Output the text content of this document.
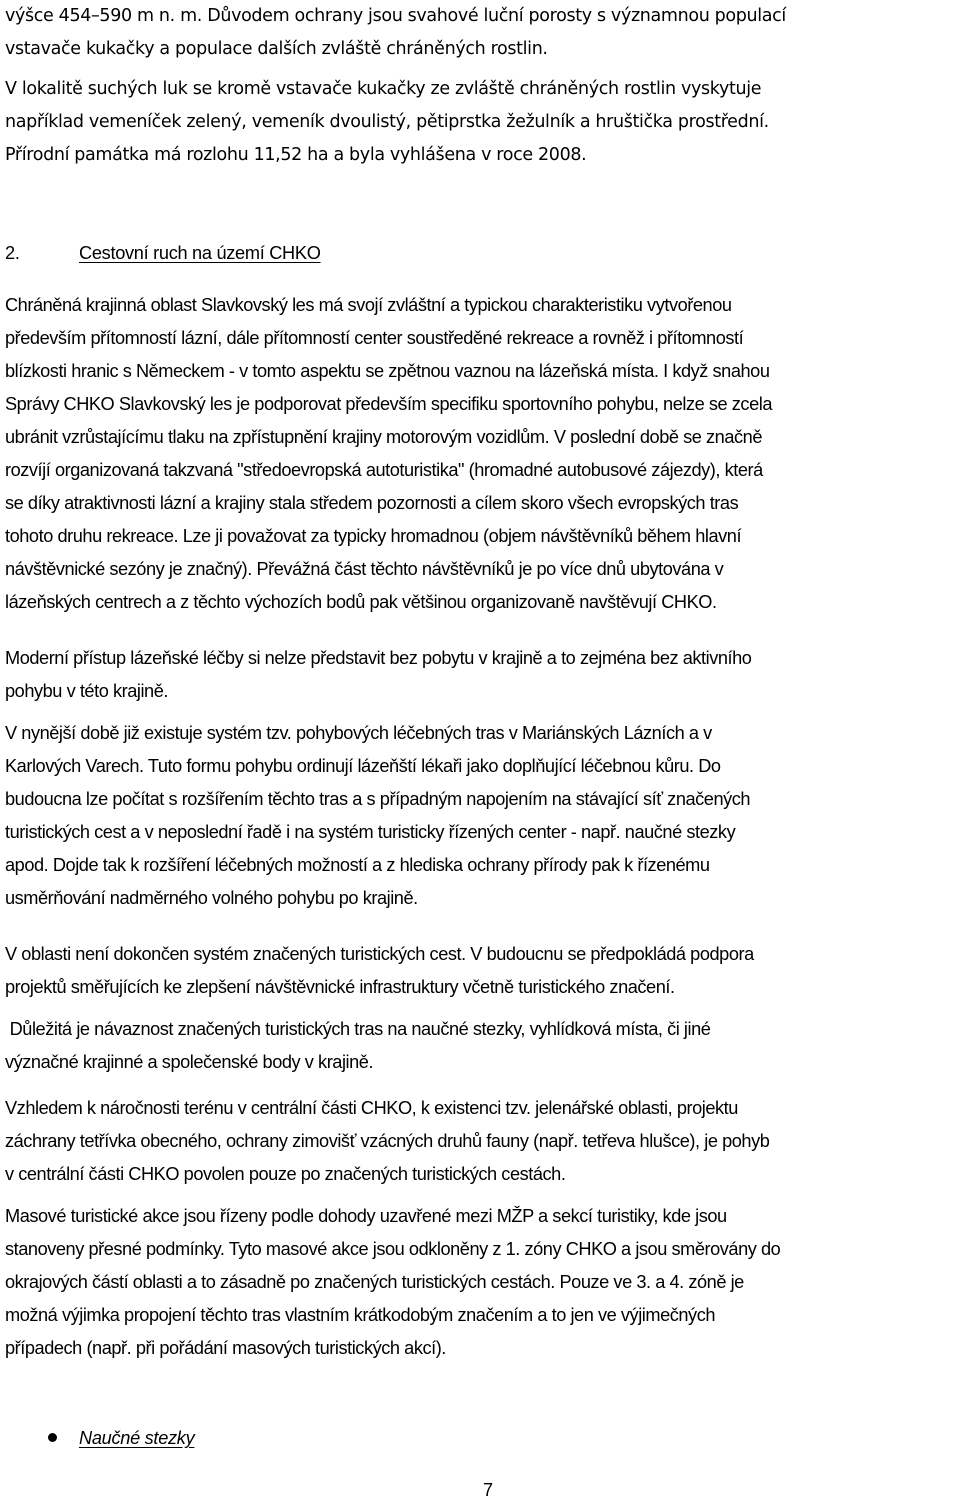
výšce 454–590 m n. m. Důvodem ochrany jsou svahové luční porosty s významnou populací
vstavače kukačky a populace dalších zvláště chráněných rostlin.
V lokalitě suchých luk se kromě vstavače kukačky ze zvláště chráněných rostlin vyskytuje
například vemeníček zelený, vemeník dvoulistý, pětiprstka žežulník a hruštička prostřední.
Přírodní památka má rozlohu 11,52 ha a byla vyhlášena v roce 2008.
2.	Cestovní ruch na území CHKO
Chráněná krajinná oblast Slavkovský les má svojí zvláštní a typickou charakteristiku vytvořenou
především přítomností lázní, dále přítomností center soustředěné rekreace a rovněž i přítomností
blízkosti hranic s Německem - v tomto aspektu se zpětnou vaznou na lázeňská místa. I když snahou
Správy CHKO Slavkovský les je podporovat především specifiku sportovního pohybu, nelze se zcela
ubránit vzrůstajícímu tlaku na zpřístupnění krajiny motorovým vozidlům. V poslední době se značně
rozvíjí organizovaná takzvaná "středoevropská autoturistika" (hromadné autobusové zájezdy), která
se díky atraktivnosti lázní a krajiny stala středem pozornosti a cílem skoro všech evropských tras
tohoto druhu rekreace. Lze ji považovat za typicky hromadnou (objem návštěvníků během hlavní
návštěvnické sezóny je značný). Převážná část těchto návštěvníků je po více dnů ubytována v
lázeňských centrech a z těchto výchozích bodů pak většinou organizovaně navštěvují CHKO.
Moderní přístup lázeňské léčby si nelze představit bez pobytu v krajině a to zejména bez aktivního
pohybu v této krajině.
V nynější době již existuje systém tzv. pohybových léčebných tras v Mariánských Lázních a v
Karlových Varech. Tuto formu pohybu ordinují lázeňští lékaři jako doplňující léčebnou kůru. Do
budoucna lze počítat s rozšířením těchto tras a s případným napojením na stávající síť značených
turistických cest a v neposlední řadě i na systém turisticky řízených center - např. naučné stezky
apod. Dojde tak k rozšíření léčebných možností a z hlediska ochrany přírody pak k řízenému
usměrňování nadměrného volného pohybu po krajině.
V oblasti není dokončen systém značených turistických cest. V budoucnu se předpokládá podpora
projektů směřujících ke zlepšení návštěvnické infrastruktury včetně turistického značení.
Důležitá je návaznost značených turistických tras na naučné stezky, vyhlídková místa, či jiné
význačné krajinné a společenské body v krajině.
Vzhledem k náročnosti terénu v centrální části CHKO, k existenci tzv. jelenářské oblasti, projektu
záchrany tetřívka obecného, ochrany zimovišť vzácných druhů fauny (např. tetřeva hlušce), je pohyb
v centrální části CHKO povolen pouze po značených turistických cestách.
Masové turistické akce jsou řízeny podle dohody uzavřené mezi MŽP a sekcí turistiky, kde jsou
stanoveny přesné podmínky. Tyto masové akce jsou odkloněny z 1. zóny CHKO a jsou směrovány do
okrajových částí oblasti a to zásadně po značených turistických cestách. Pouze ve 3. a 4. zóně je
možná výjimka propojení těchto tras vlastním krátkodobým značením a to jen ve výjimečných
případech (např. při pořádání masových turistických akcí).
Naučné stezky
7
